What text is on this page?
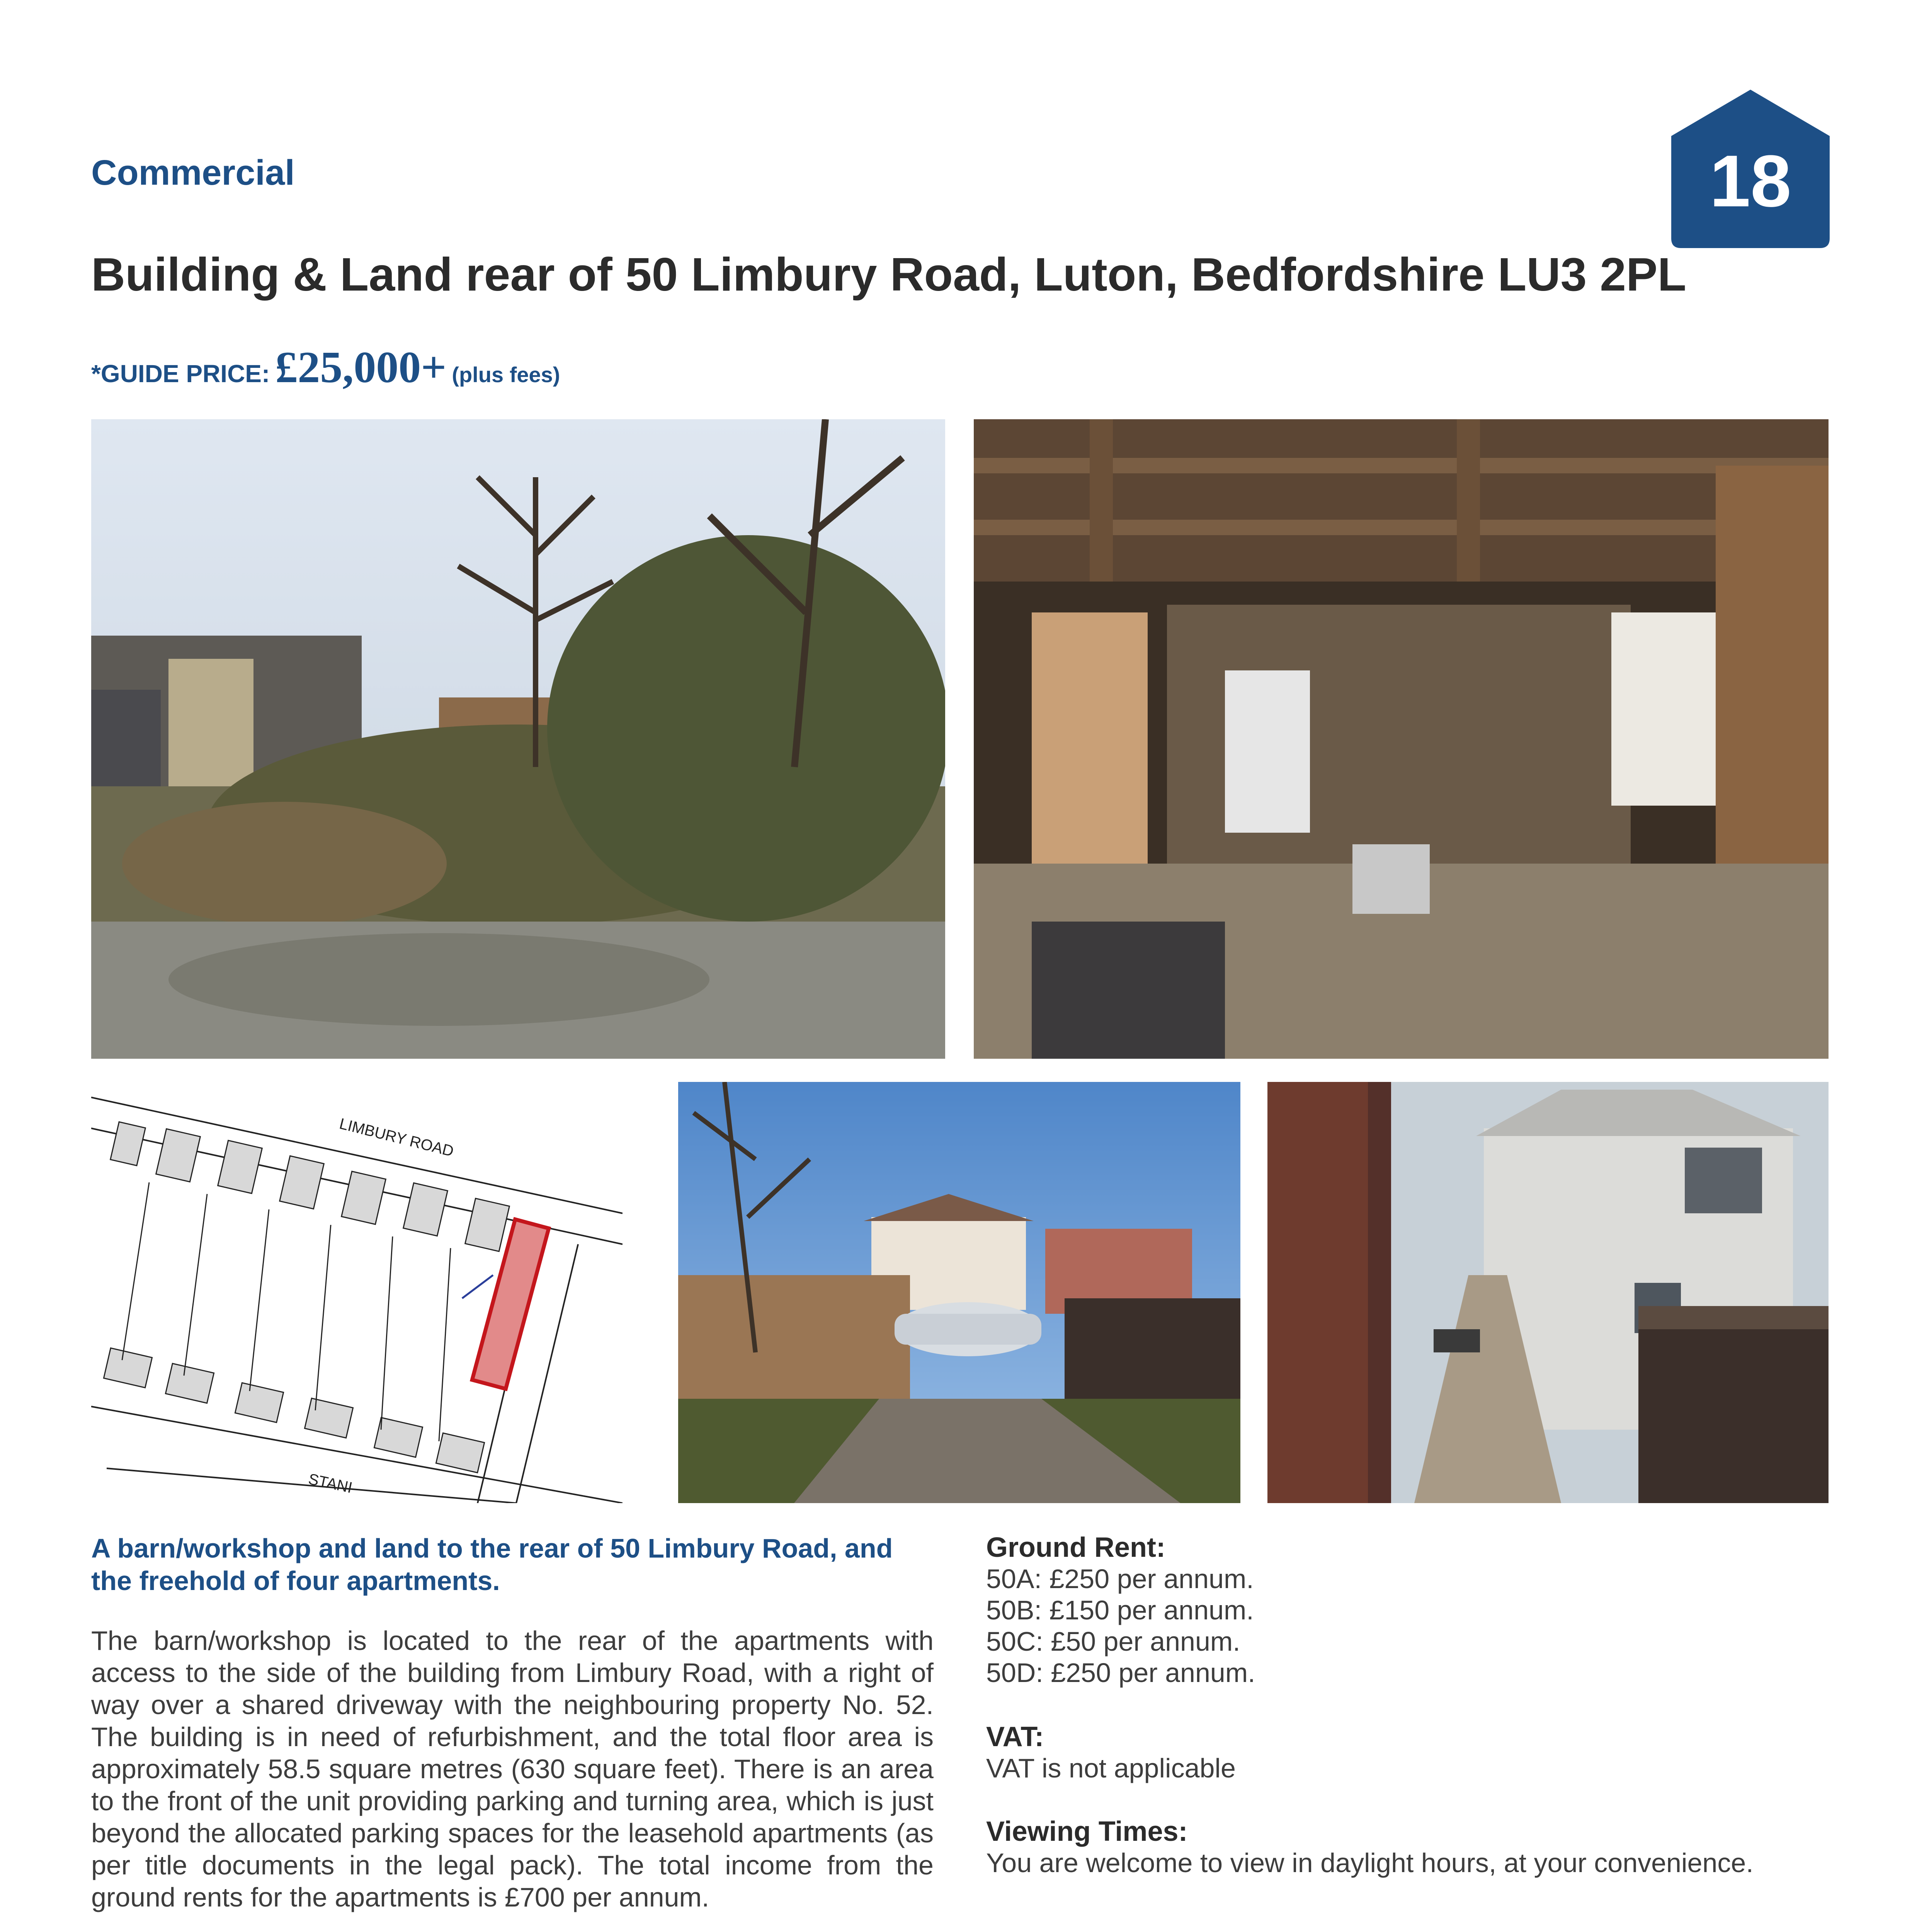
Commercial	18
Building & Land rear of 50 Limbury Road, Luton, Bedfordshire LU3 2PL
*GUIDE PRICE: £25,000+ (plus fees)
LIMBURY ROAD
STANI
A barn/workshop and land to the rear of 50 Limbury Road, and the freehold of four apartments.
The barn/workshop is located to the rear of the apartments with access to the side of the building from Limbury Road, with a right of way over a shared driveway with the neighbouring property No. 52. The building is in need of refurbishment, and the total floor area is approximately 58.5 square metres (630 square feet). There is an area to the front of the unit providing parking and turning area, which is just beyond the allocated parking spaces for the leasehold apartments (as per title documents in the legal pack). The total income from the ground rents for the apartments is £700 per annum.
Ground Rent:
50A: £250 per annum.
50B: £150 per annum.
50C: £50 per annum.
50D: £250 per annum.
VAT:
VAT is not applicable
Viewing Times:
You are welcome to view in daylight hours, at your convenience.
